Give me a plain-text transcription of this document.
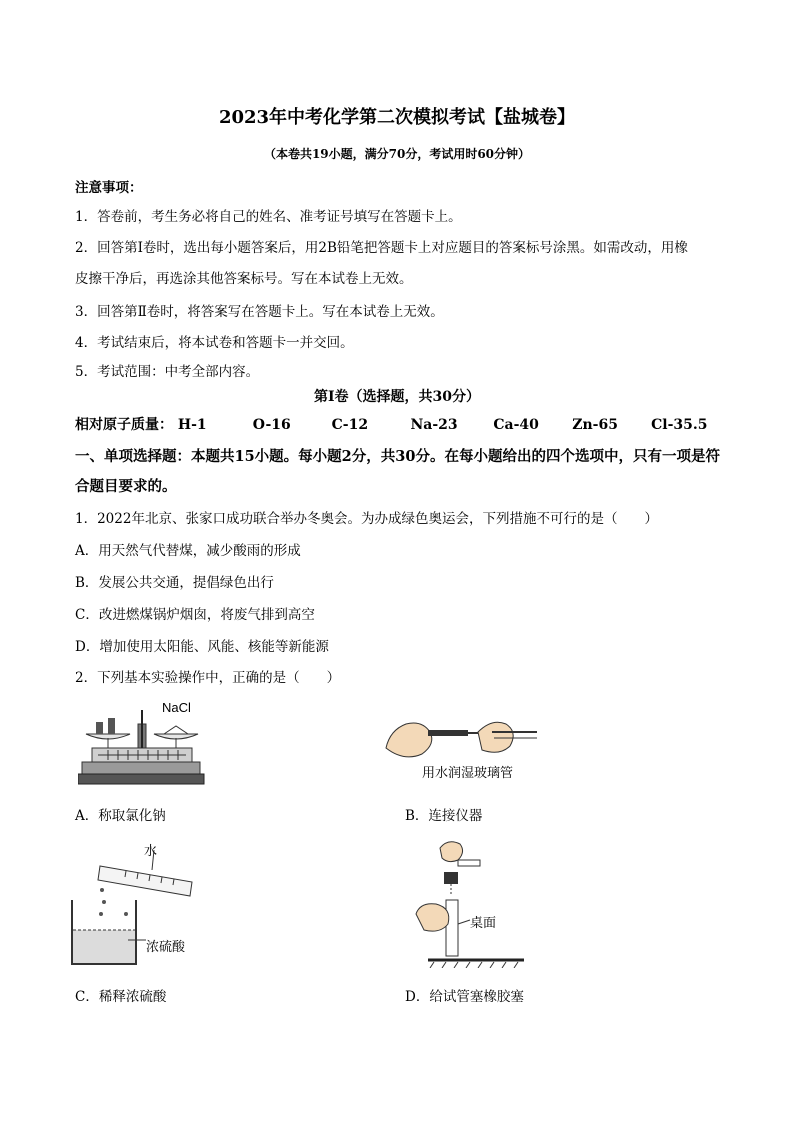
2023年中考化学第二次模拟考试【盐城卷】
（本卷共19小题，满分70分，考试用时60分钟）
注意事项：
1．答卷前，考生务必将自己的姓名、准考证号填写在答题卡上。
2．回答第Ⅰ卷时，选出每小题答案后，用2B铅笔把答题卡上对应题目的答案标号涂黑。如需改动，用橡
皮擦干净后，再选涂其他答案标号。写在本试卷上无效。
3．回答第Ⅱ卷时，将答案写在答题卡上。写在本试卷上无效。
4．考试结束后，将本试卷和答题卡一并交回。
5．考试范围：中考全部内容。
第Ⅰ卷（选择题，共30分）
相对原子质量： H-1	O-16	C-12	Na-23	Ca-40 Zn-65 Cl-35.5
一、单项选择题：本题共15小题。每小题2分，共30分。在每小题给出的四个选项中，只有一项是符合题目要求的。
1．2022年北京、张家口成功联合举办冬奥会。为办成绿色奥运会，下列措施不可行的是（　　）
A．用天然气代替煤，减少酸雨的形成
B．发展公共交通，提倡绿色出行
C．改进燃煤锅炉烟囱，将废气排到高空
D．增加使用太阳能、风能、核能等新能源
2．下列基本实验操作中，正确的是（　　）
NaCl
A．称取氯化钠
用水润湿玻璃管
B．连接仪器
水
浓硫酸
C．稀释浓硫酸
桌面
D．给试管塞橡胶塞
